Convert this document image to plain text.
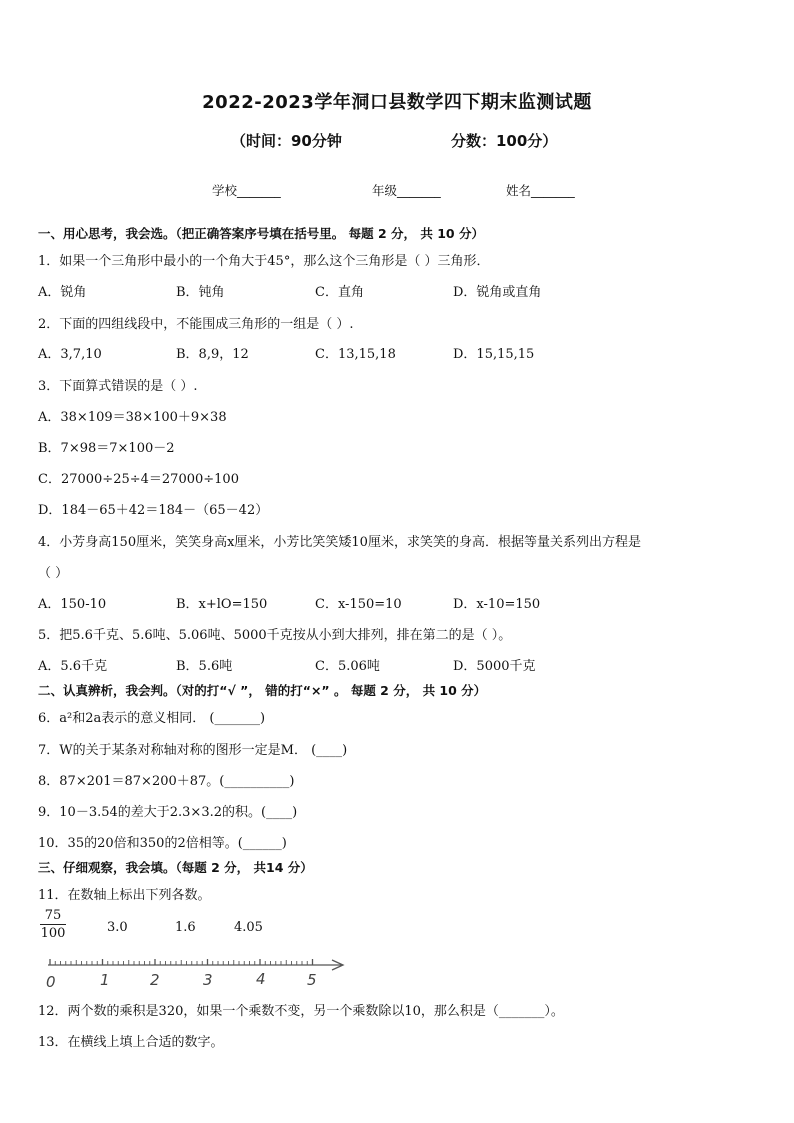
2022-2023学年洞口县数学四下期末监测试题
（时间：90分钟	分数：100分）
学校_______	年级_______	姓名_______
一、用心思考，我会选。（把正确答案序号填在括号里。 每题 2 分， 共 10 分）
1．如果一个三角形中最小的一个角大于45°，那么这个三角形是（ ）三角形．
A．锐角	B．钝角	C．直角	D．锐角或直角
2．下面的四组线段中，不能围成三角形的一组是（ ）.
A．3,7,10	B．8,9，12	C．13,15,18	D．15,15,15
3．下面算式错误的是（ ）.
A．38×109＝38×100＋9×38
B．7×98＝7×100－2
C．27000÷25÷4＝27000÷100
D．184－65＋42＝184－（65－42）
4．小芳身高150厘米，笑笑身高x厘米，小芳比笑笑矮10厘米，求笑笑的身高．根据等量关系列出方程是
（ ）
A．150-10	B．x+lO=150	C．x-150=10	D．x-10=150
5．把5.6千克、5.6吨、5.06吨、5000千克按从小到大排列，排在第二的是（ ）。
A．5.6千克	B．5.6吨	C．5.06吨	D．5000千克
二、认真辨析，我会判。（对的打“√ ”， 错的打“×” 。 每题 2 分， 共 10 分）
6．a²和2a表示的意义相同． (_______)
7．W的关于某条对称轴对称的图形一定是M． (____)
8．87×201＝87×200＋87。(__________)
9．10－3.54的差大于2.3×3.2的积。(____)
10．35的20倍和350的2倍相等。(______)
三、仔细观察，我会填。（每题 2 分， 共14 分）
11．在数轴上标出下列各数。
$\frac{75}{100}$	3.0	1.6	4.05
0	1	2	3	4	5
12．两个数的乘积是320，如果一个乘数不变，另一个乘数除以10，那么积是（_______）。
13．在横线上填上合适的数字。
